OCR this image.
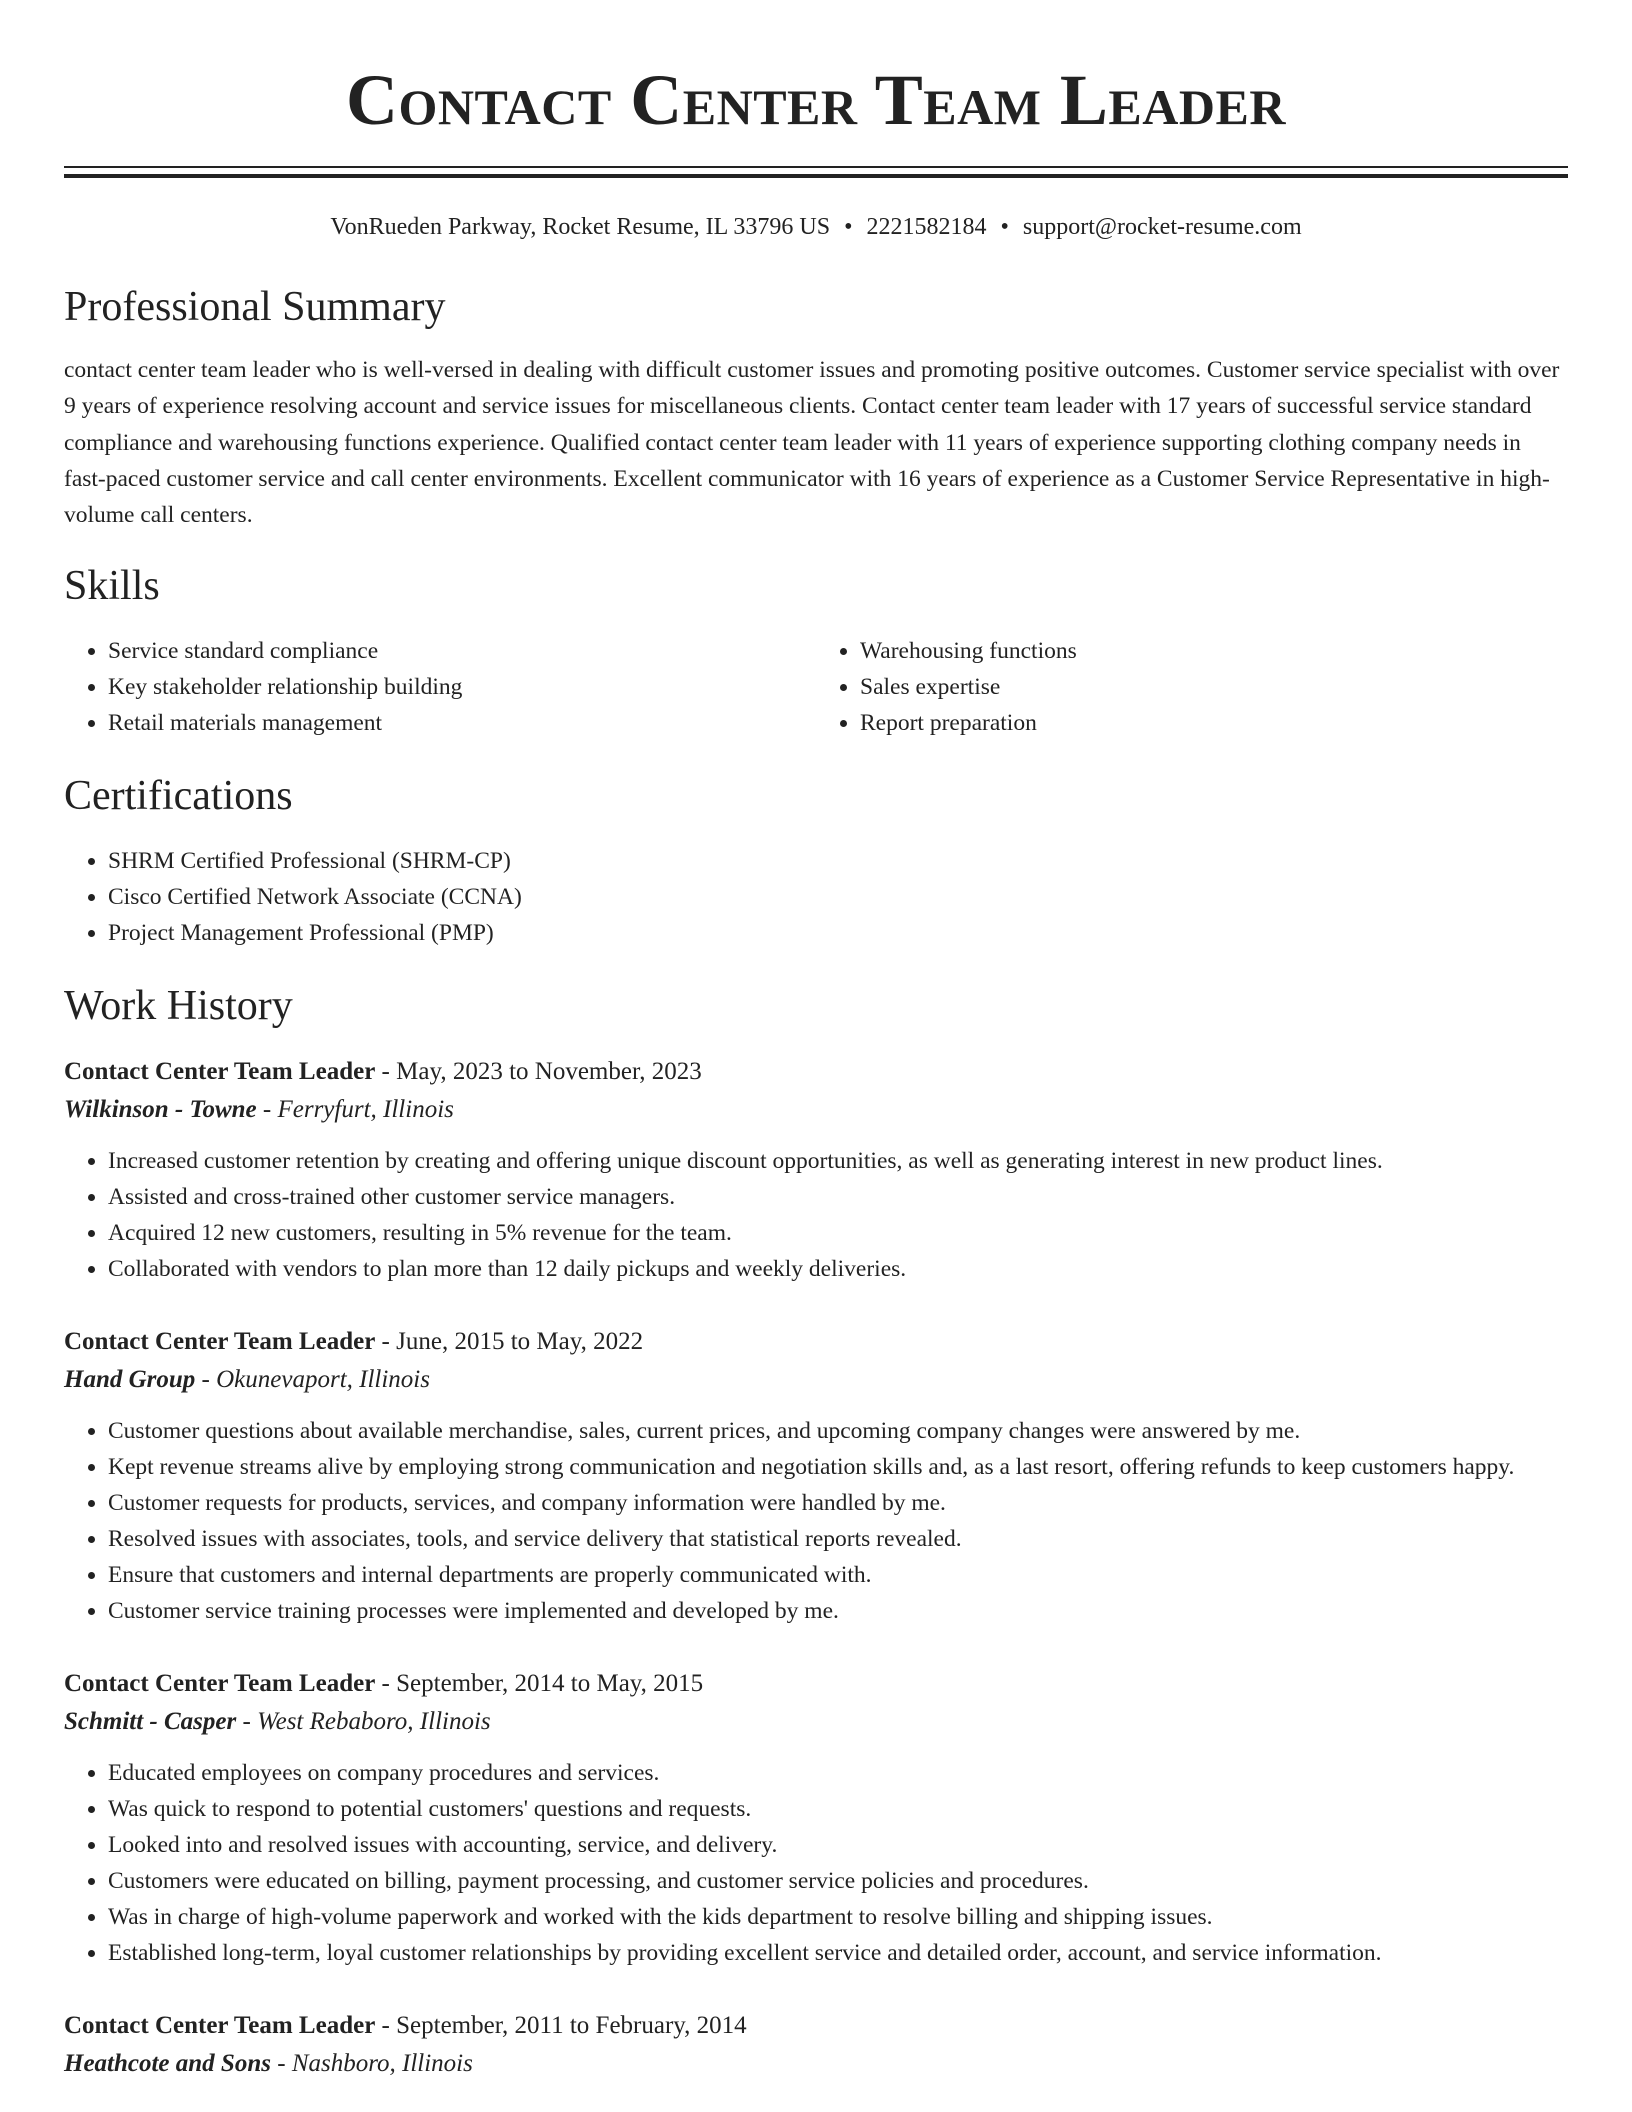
Contact Center Team Leader
VonRueden Parkway, Rocket Resume, IL 33796 US • 2221582184 • support@rocket-resume.com
Professional Summary

contact center team leader who is well-versed in dealing with difficult customer issues and promoting positive outcomes. Customer service specialist with over 9 years of experience resolving account and service issues for miscellaneous clients. Contact center team leader with 17 years of successful service standard compliance and warehousing functions experience. Qualified contact center team leader with 11 years of experience supporting clothing company needs in fast-paced customer service and call center environments. Excellent communicator with 16 years of experience as a Customer Service Representative in high-volume call centers.

Skills
• Service standard compliance
• Key stakeholder relationship building
• Retail materials management
• Warehousing functions
• Sales expertise
• Report preparation
Certifications
• SHRM Certified Professional (SHRM-CP)
• Cisco Certified Network Associate (CCNA)
• Project Management Professional (PMP)
Work History
Contact Center Team Leader - May, 2023 to November, 2023
Wilkinson - Towne - Ferryfurt, Illinois
• Increased customer retention by creating and offering unique discount opportunities, as well as generating interest in new product lines.
• Assisted and cross-trained other customer service managers.
• Acquired 12 new customers, resulting in 5% revenue for the team.
• Collaborated with vendors to plan more than 12 daily pickups and weekly deliveries.
Contact Center Team Leader - June, 2015 to May, 2022
Hand Group - Okunevaport, Illinois
• Customer questions about available merchandise, sales, current prices, and upcoming company changes were answered by me.
• Kept revenue streams alive by employing strong communication and negotiation skills and, as a last resort, offering refunds to keep customers happy.
• Customer requests for products, services, and company information were handled by me.
• Resolved issues with associates, tools, and service delivery that statistical reports revealed.
• Ensure that customers and internal departments are properly communicated with.
• Customer service training processes were implemented and developed by me.
Contact Center Team Leader - September, 2014 to May, 2015
Schmitt - Casper - West Rebaboro, Illinois
• Educated employees on company procedures and services.
• Was quick to respond to potential customers' questions and requests.
• Looked into and resolved issues with accounting, service, and delivery.
• Customers were educated on billing, payment processing, and customer service policies and procedures.
• Was in charge of high-volume paperwork and worked with the kids department to resolve billing and shipping issues.
• Established long-term, loyal customer relationships by providing excellent service and detailed order, account, and service information.
Contact Center Team Leader - September, 2011 to February, 2014
Heathcote and Sons - Nashboro, Illinois
